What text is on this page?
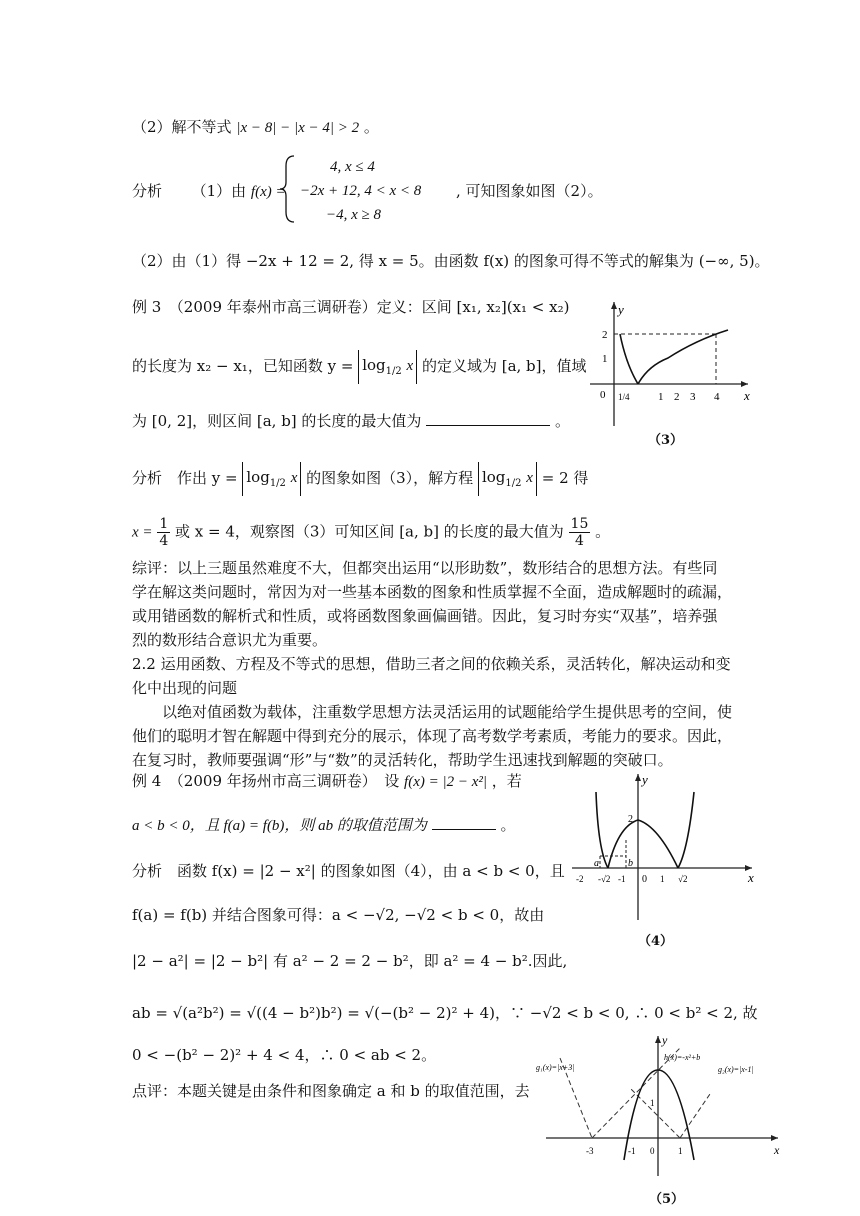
（2）解不等式 |x − 8| − |x − 4| > 2 。
分析 （1）由 f(x) =
4, x ≤ 4
−2x + 12, 4 < x < 8
−4, x ≥ 8
, 可知图象如图（2）。
（2）由（1）得 −2x + 12 = 2, 得 x = 5。由函数 f(x) 的图象可得不等式的解集为 (−∞, 5)。
例 3　（2009 年泰州市高三调研卷）定义：区间 [x₁, x₂](x₁ < x₂)
的长度为 x₂ − x₁，已知函数 $y = \log_{1/2} x$ 的定义域为 [a, b]，值域
为 [0, 2]，则区间 [a, b] 的长度的最大值为	。
y
x
0 1/4	1 2 3 4
1
2
（3）
分析　作出 $y = \log_{1/2} x$ 的图象如图（3），解方程 $\log_{1/2} x = 2$ 得
$x = \frac{1}{4}$ 或 x = 4，观察图（3）可知区间 [a, b] 的长度的最大值为 $\frac{15}{4}$ 。
综评：以上三题虽然难度不大，但都突出运用“以形助数”，数形结合的思想方法。有些同学在解这类问题时，常因为对一些基本函数的图象和性质掌握不全面，造成解题时的疏漏，或用错函数的解析式和性质，或将函数图象画偏画错。因此，复习时夯实“双基”，培养强烈的数形结合意识尤为重要。
2.2 运用函数、方程及不等式的思想，借助三者之间的依赖关系，灵活转化，解决运动和变化中出现的问题
以绝对值函数为载体，注重数学思想方法灵活运用的试题能给学生提供思考的空间，使他们的聪明才智在解题中得到充分的展示，体现了高考数学考素质，考能力的要求。因此，在复习时，教师要强调“形”与“数”的灵活转化，帮助学生迅速找到解题的突破口。
例 4　（2009 年扬州市高三调研卷）　设 f(x) = |2 − x²| ，若
a < b < 0，且 f(a) = f(b)，则 ab 的取值范围为	。
y
x
0
-2 -√2 -1	1 √2
2
a	b
（4）
分析　函数 f(x) = |2 − x²| 的图象如图（4），由 a < b < 0，且
f(a) = f(b) 并结合图象可得：a < −√2, −√2 < b < 0，故由
|2 − a²| = |2 − b²| 有 a² − 2 = 2 − b²，即 a² = 4 − b².因此,
ab = √(a²b²) = √((4 − b²)b²) = √(−(b² − 2)² + 4)，∵ −√2 < b < 0, ∴ 0 < b² < 2, 故
0 < −(b² − 2)² + 4 < 4，∴ 0 < ab < 2。
点评：本题关键是由条件和图象确定 a 和 b 的取值范围，去
y
x
0
-3	-1	1
1
g₁(x)=|x+3|	g₂(x)=|x-1|
h(x)=-x²+b
（5）
